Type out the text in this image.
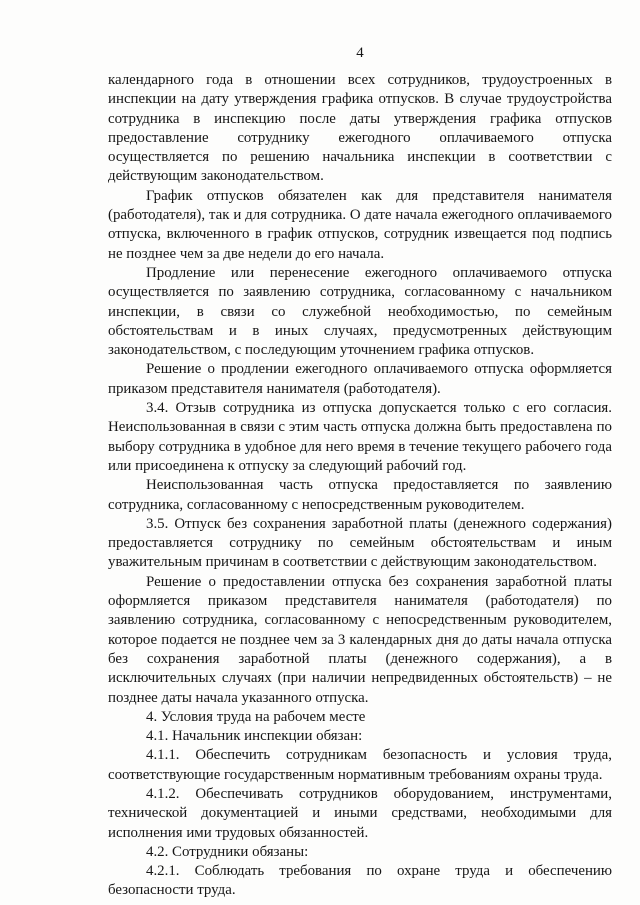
4

календарного года в отношении всех сотрудников, трудоустроенных в инспекции на дату утверждения графика отпусков. В случае трудоустройства сотрудника в инспекцию после даты утверждения графика отпусков предоставление сотруднику ежегодного оплачиваемого отпуска осуществляется по решению начальника инспекции в соответствии с действующим законодательством.

График отпусков обязателен как для представителя нанимателя (работодателя), так и для сотрудника. О дате начала ежегодного оплачиваемого отпуска, включенного в график отпусков, сотрудник извещается под подпись не позднее чем за две недели до его начала.

Продление или перенесение ежегодного оплачиваемого отпуска осуществляется по заявлению сотрудника, согласованному с начальником инспекции, в связи со служебной необходимостью, по семейным обстоятельствам и в иных случаях, предусмотренных действующим законодательством, с последующим уточнением графика отпусков.

Решение о продлении ежегодного оплачиваемого отпуска оформляется приказом представителя нанимателя (работодателя).

3.4. Отзыв сотрудника из отпуска допускается только с его согласия. Неиспользованная в связи с этим часть отпуска должна быть предоставлена по выбору сотрудника в удобное для него время в течение текущего рабочего года или присоединена к отпуску за следующий рабочий год.

Неиспользованная часть отпуска предоставляется по заявлению сотрудника, согласованному с непосредственным руководителем.

3.5. Отпуск без сохранения заработной платы (денежного содержания) предоставляется сотруднику по семейным обстоятельствам и иным уважительным причинам в соответствии с действующим законодательством.

Решение о предоставлении отпуска без сохранения заработной платы оформляется приказом представителя нанимателя (работодателя) по заявлению сотрудника, согласованному с непосредственным руководителем, которое подается не позднее чем за 3 календарных дня до даты начала отпуска без сохранения заработной платы (денежного содержания), а в исключительных случаях (при наличии непредвиденных обстоятельств) – не позднее даты начала указанного отпуска.

4. Условия труда на рабочем месте

4.1. Начальник инспекции обязан:

4.1.1. Обеспечить сотрудникам безопасность и условия труда, соответствующие государственным нормативным требованиям охраны труда.

4.1.2. Обеспечивать сотрудников оборудованием, инструментами, технической документацией и иными средствами, необходимыми для исполнения ими трудовых обязанностей.

4.2. Сотрудники обязаны:

4.2.1. Соблюдать требования по охране труда и обеспечению безопасности труда.
